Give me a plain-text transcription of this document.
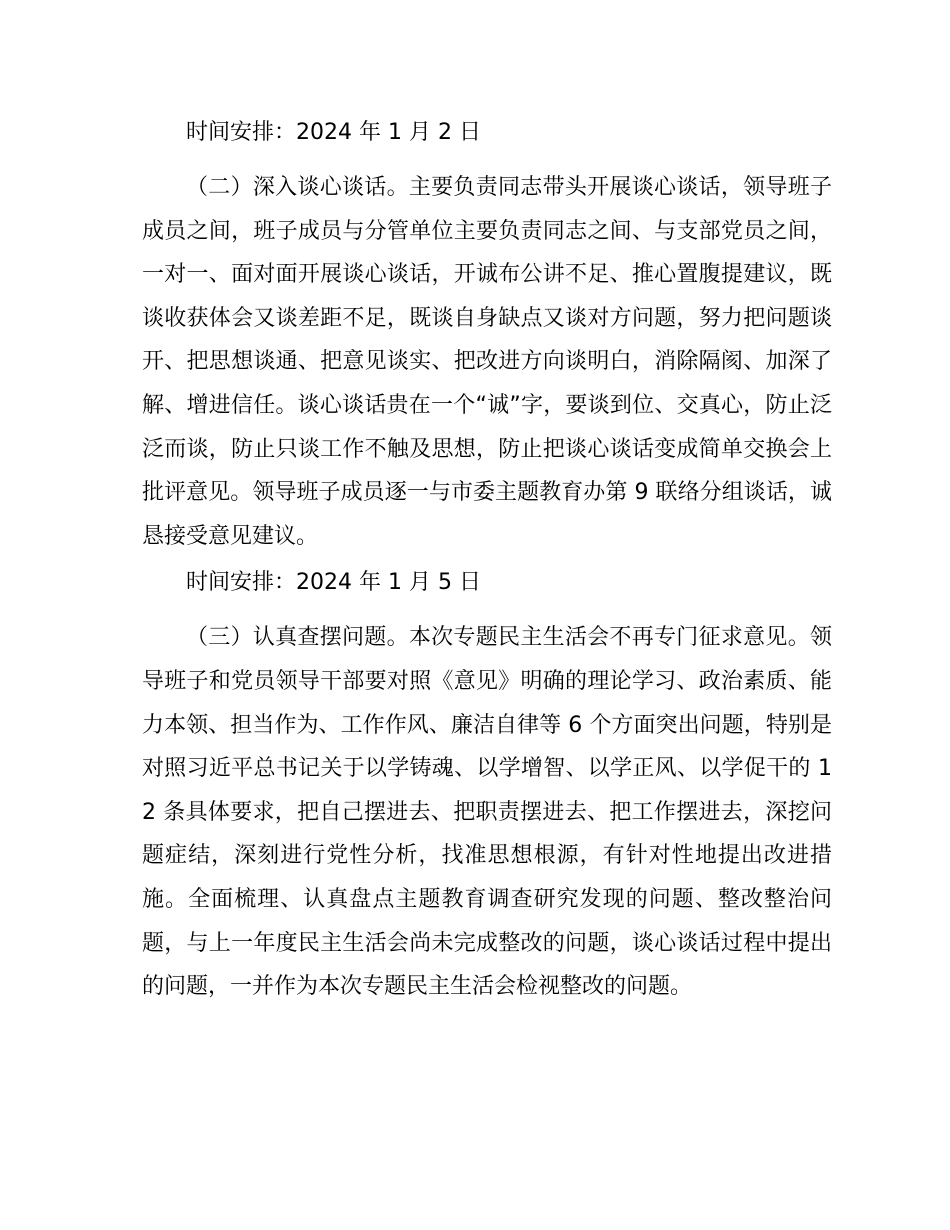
时间安排：2024 年 1 月 2 日

（二）深入谈心谈话。主要负责同志带头开展谈心谈话，领导班子成员之间，班子成员与分管单位主要负责同志之间、与支部党员之间，一对一、面对面开展谈心谈话，开诚布公讲不足、推心置腹提建议，既谈收获体会又谈差距不足，既谈自身缺点又谈对方问题，努力把问题谈开、把思想谈通、把意见谈实、把改进方向谈明白，消除隔阂、加深了解、增进信任。谈心谈话贵在一个“诚”字，要谈到位、交真心，防止泛泛而谈，防止只谈工作不触及思想，防止把谈心谈话变成简单交换会上批评意见。领导班子成员逐一与市委主题教育办第 9 联络分组谈话，诚恳接受意见建议。

时间安排：2024 年 1 月 5 日

（三）认真查摆问题。本次专题民主生活会不再专门征求意见。领导班子和党员领导干部要对照《意见》明确的理论学习、政治素质、能力本领、担当作为、工作作风、廉洁自律等 6 个方面突出问题，特别是对照习近平总书记关于以学铸魂、以学增智、以学正风、以学促干的 12 条具体要求，把自己摆进去、把职责摆进去、把工作摆进去，深挖问题症结，深刻进行党性分析，找准思想根源，有针对性地提出改进措施。全面梳理、认真盘点主题教育调查研究发现的问题、整改整治问题，与上一年度民主生活会尚未完成整改的问题，谈心谈话过程中提出的问题，一并作为本次专题民主生活会检视整改的问题。
